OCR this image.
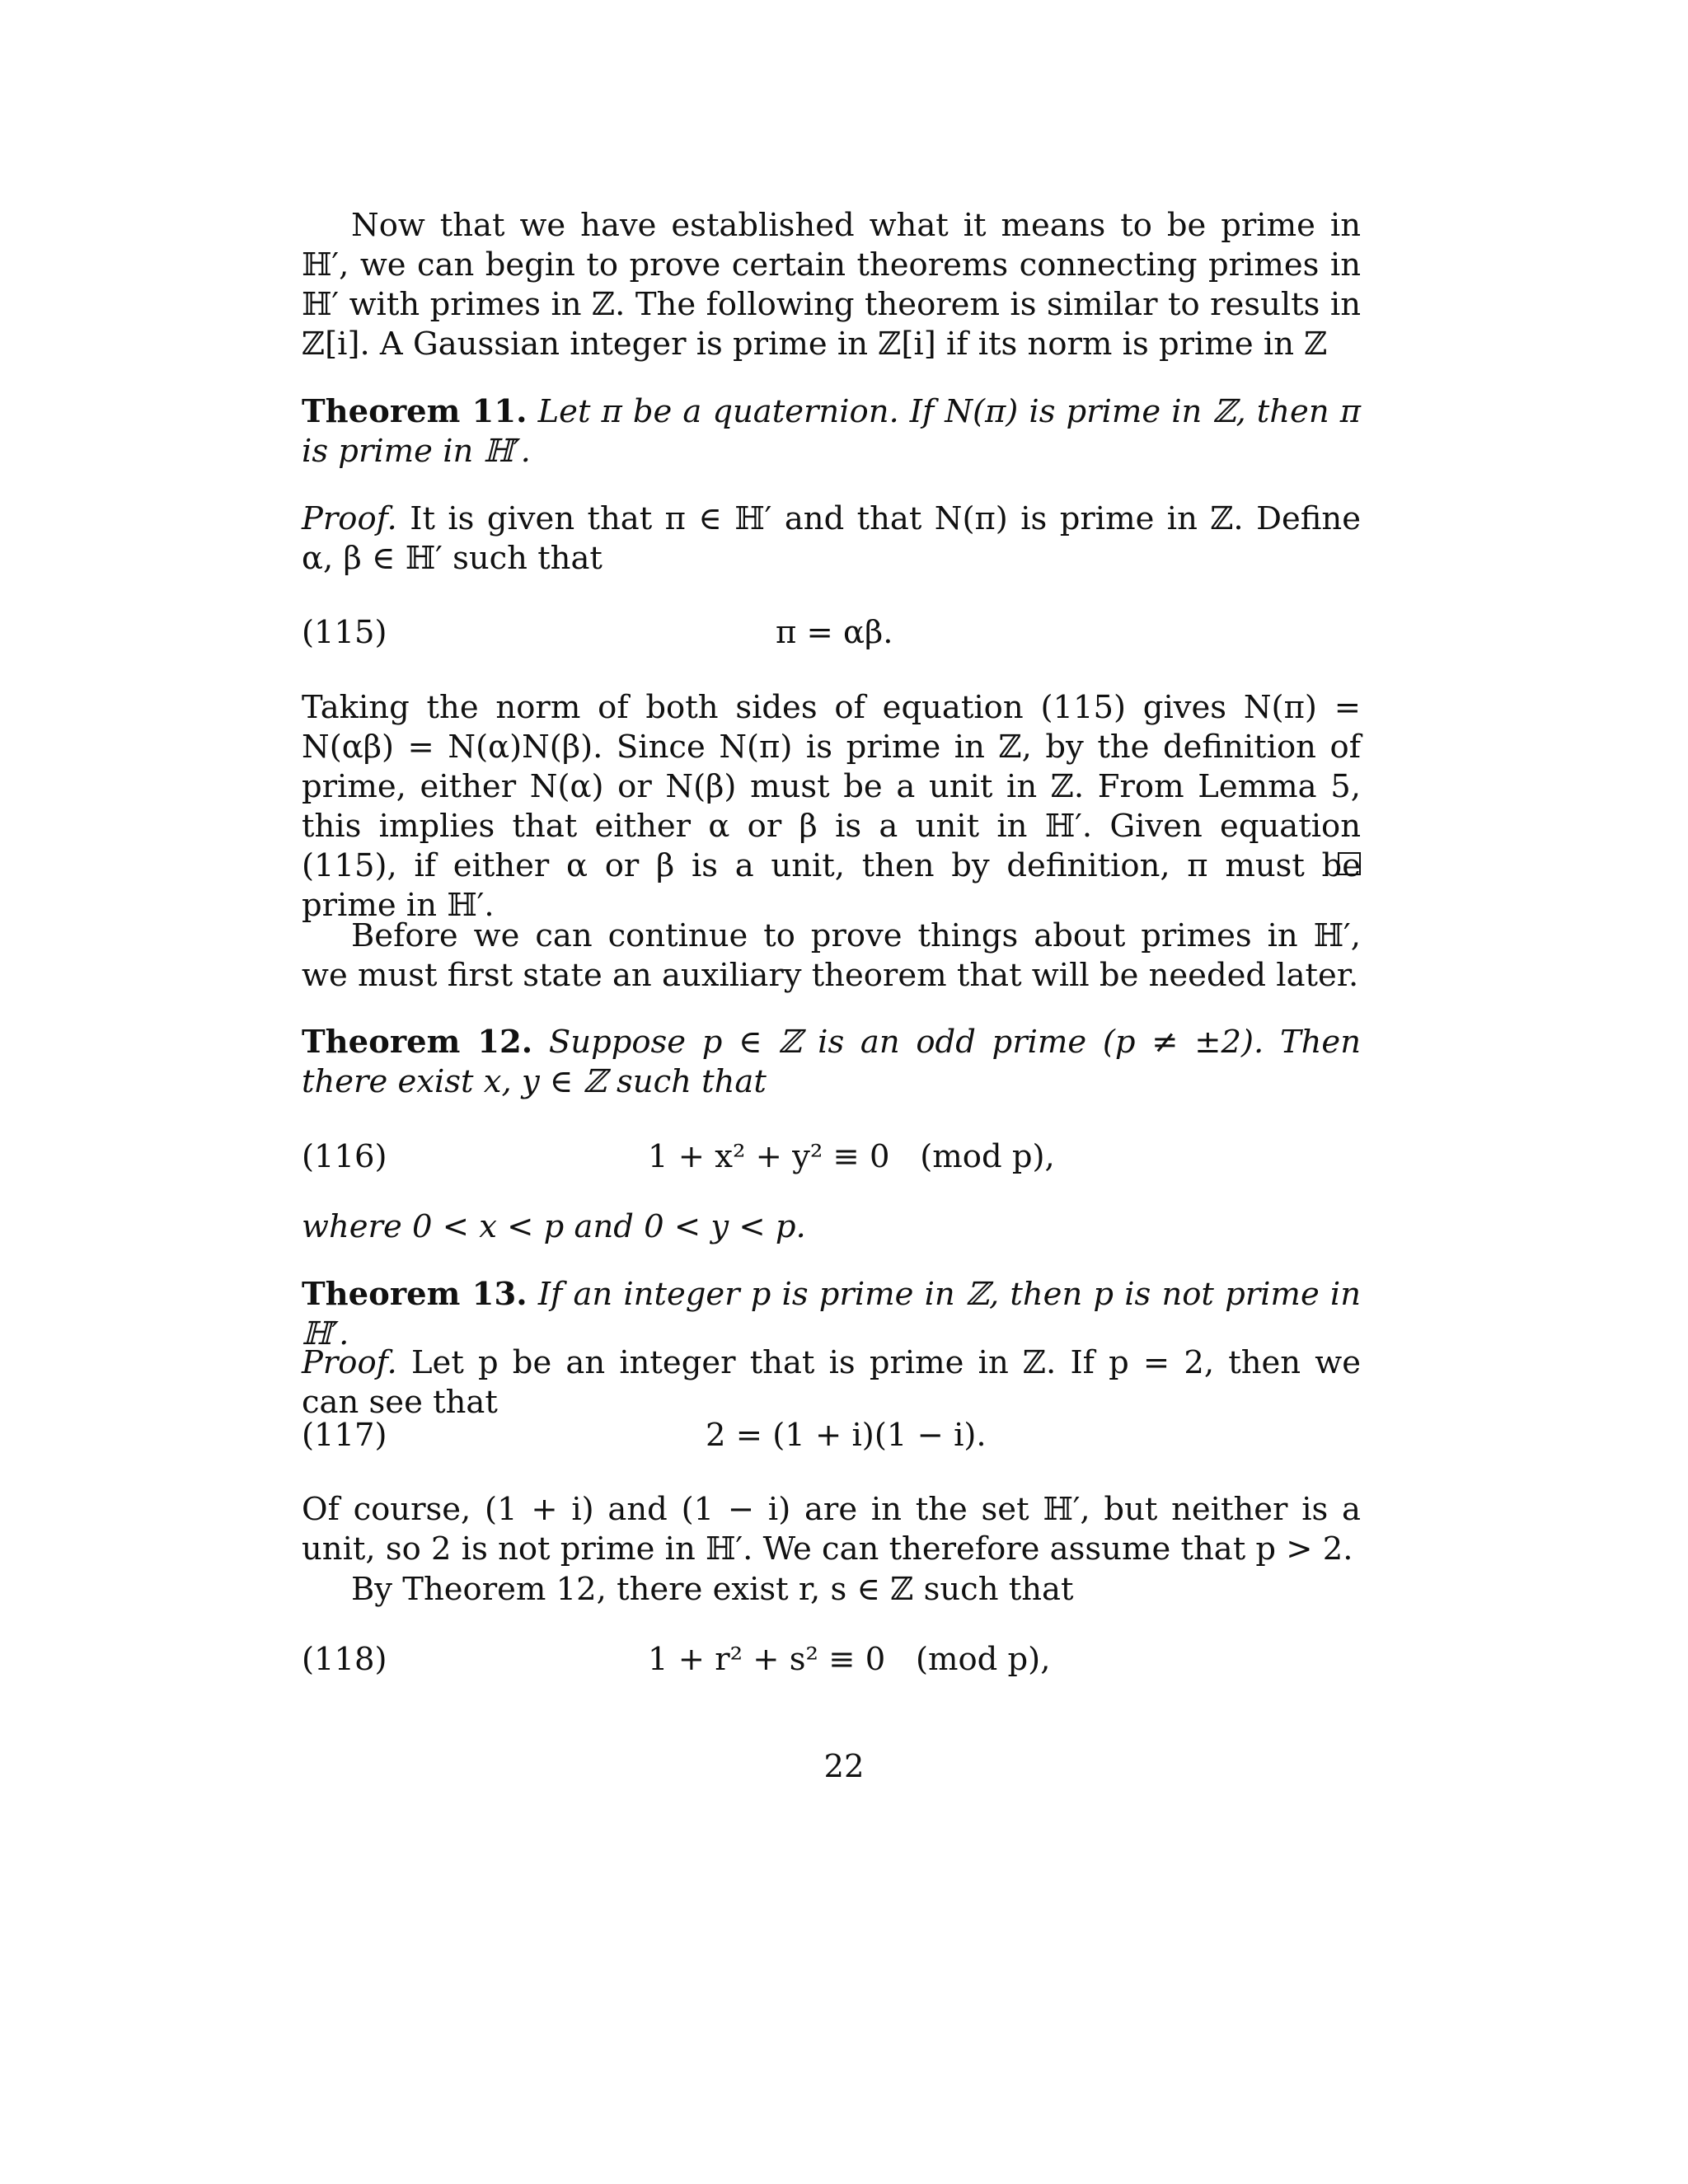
Now that we have established what it means to be prime in ℍ′, we can begin to prove certain theorems connecting primes in ℍ′ with primes in ℤ. The following theorem is similar to results in ℤ[i]. A Gaussian integer is prime in ℤ[i] if its norm is prime in ℤ

Theorem 11. Let π be a quaternion. If N(π) is prime in ℤ, then π is prime in ℍ′.

Proof. It is given that π ∈ ℍ′ and that N(π) is prime in ℤ. Define α, β ∈ ℍ′ such that

(115)	π = αβ.

Taking the norm of both sides of equation (115) gives N(π) = N(αβ) = N(α)N(β). Since N(π) is prime in ℤ, by the definition of prime, either N(α) or N(β) must be a unit in ℤ. From Lemma 5, this implies that either α or β is a unit in ℍ′. Given equation (115), if either α or β is a unit, then by definition, π must be prime in ℍ′.

Before we can continue to prove things about primes in ℍ′, we must first state an auxiliary theorem that will be needed later.

Theorem 12. Suppose p ∈ ℤ is an odd prime (p ≠ ±2). Then there exist x, y ∈ ℤ such that

(116)	1 + x² + y² ≡ 0   (mod p),

where 0 < x < p and 0 < y < p.

Theorem 13. If an integer p is prime in ℤ, then p is not prime in ℍ′.

Proof. Let p be an integer that is prime in ℤ. If p = 2, then we can see that

(117)	2 = (1 + i)(1 − i).

Of course, (1 + i) and (1 − i) are in the set ℍ′, but neither is a unit, so 2 is not prime in ℍ′. We can therefore assume that p > 2.

By Theorem 12, there exist r, s ∈ ℤ such that

(118)	1 + r² + s² ≡ 0   (mod p),
22
